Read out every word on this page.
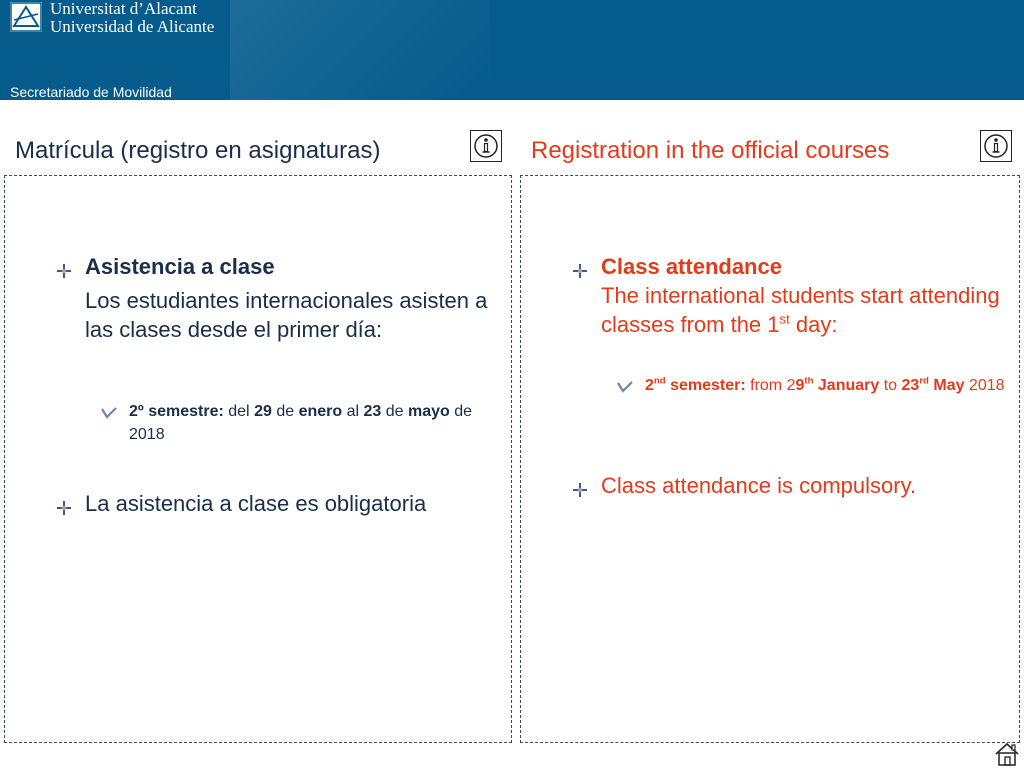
Universitat d’Alacant
Universidad de Alicante
Secretariado de Movilidad
Matrícula (registro en asignaturas)	Registration in the official courses
Asistencia a clase
Los estudiantes internacionales asisten a las clases desde el primer día:
2º semestre: del 29 de enero al 23 de mayo de 2018
La asistencia a clase es obligatoria
Class attendance
The international students start attending classes from the 1st day:
2nd semester: from 29th January to 23rd May 2018
Class attendance is compulsory.
